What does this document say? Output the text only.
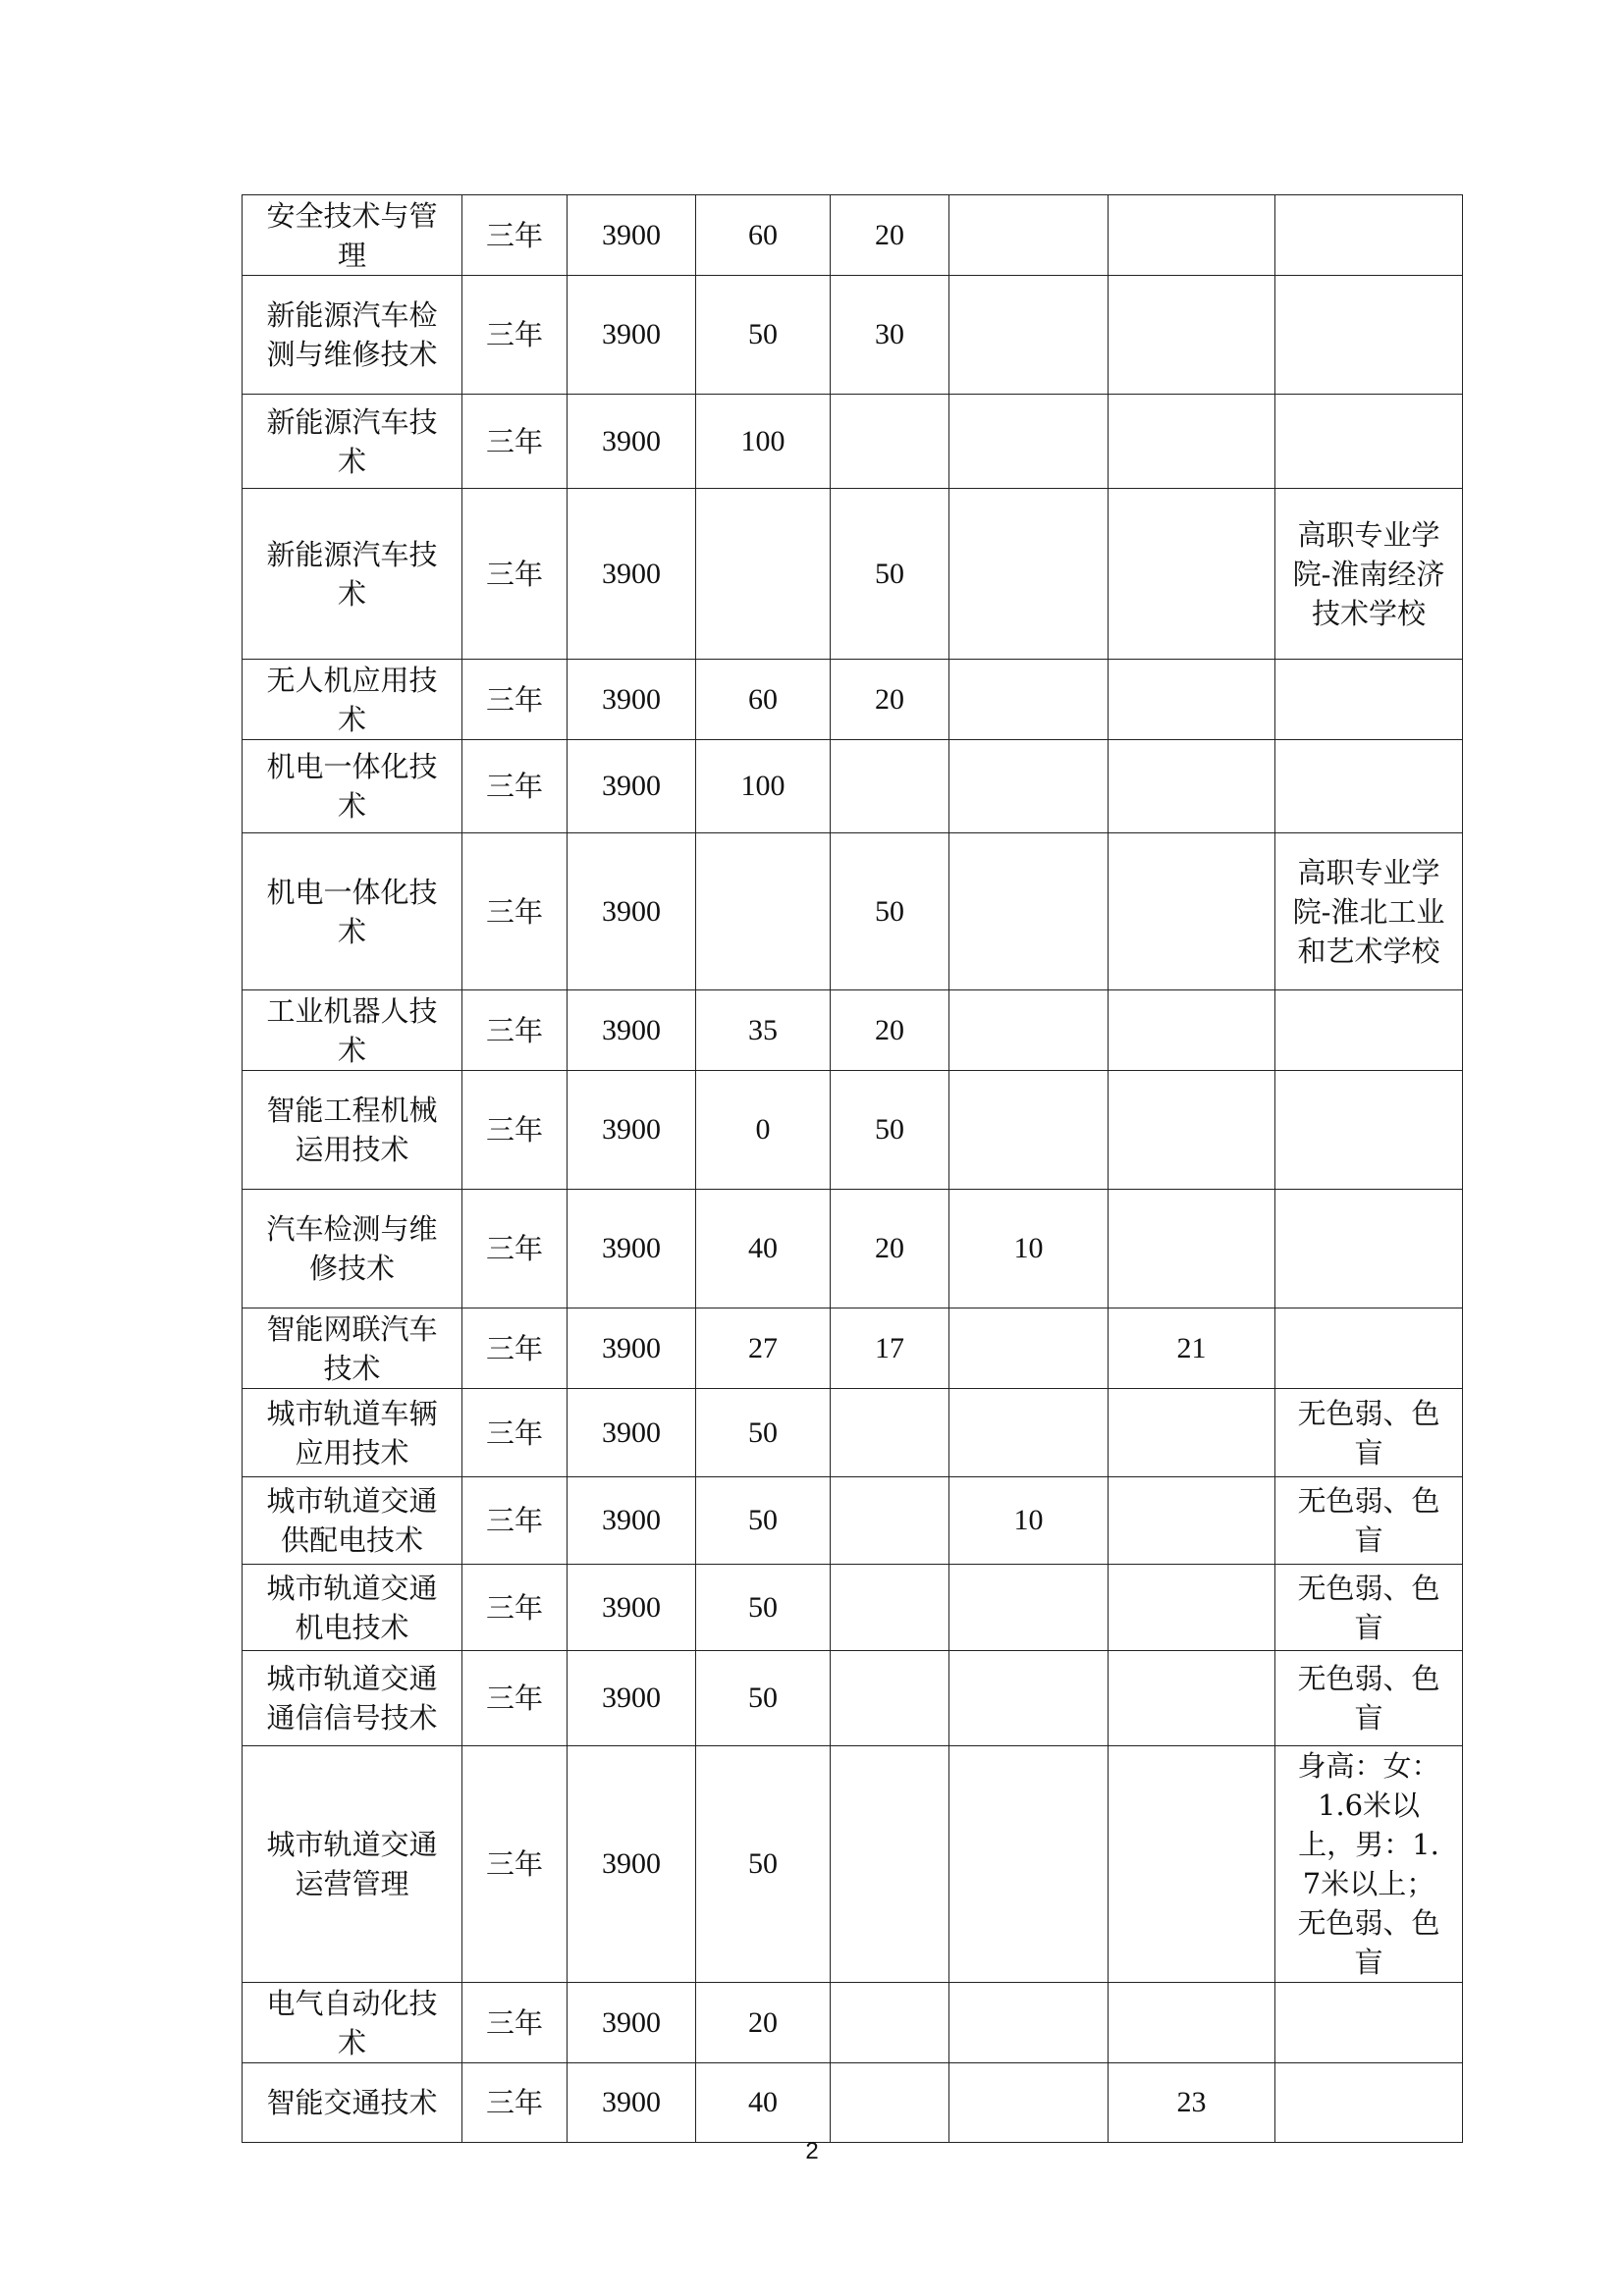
安全技术与管理	三年	3900	60	20			
新能源汽车检测与维修技术	三年	3900	50	30			
新能源汽车技术	三年	3900	100				
新能源汽车技术	三年	3900		50			高职专业学院-淮南经济技术学校
无人机应用技术	三年	3900	60	20			
机电一体化技术	三年	3900	100				
机电一体化技术	三年	3900		50			高职专业学院-淮北工业和艺术学校
工业机器人技术	三年	3900	35	20			
智能工程机械运用技术	三年	3900	0	50			
汽车检测与维修技术	三年	3900	40	20	10		
智能网联汽车技术	三年	3900	27	17		21	
城市轨道车辆应用技术	三年	3900	50				无色弱、色盲
城市轨道交通供配电技术	三年	3900	50		10		无色弱、色盲
城市轨道交通机电技术	三年	3900	50				无色弱、色盲
城市轨道交通通信信号技术	三年	3900	50				无色弱、色盲
城市轨道交通运营管理	三年	3900	50				身高：女：1.6米以上，男：1.7米以上；无色弱、色盲
电气自动化技术	三年	3900	20				
智能交通技术	三年	3900	40			23	
2
